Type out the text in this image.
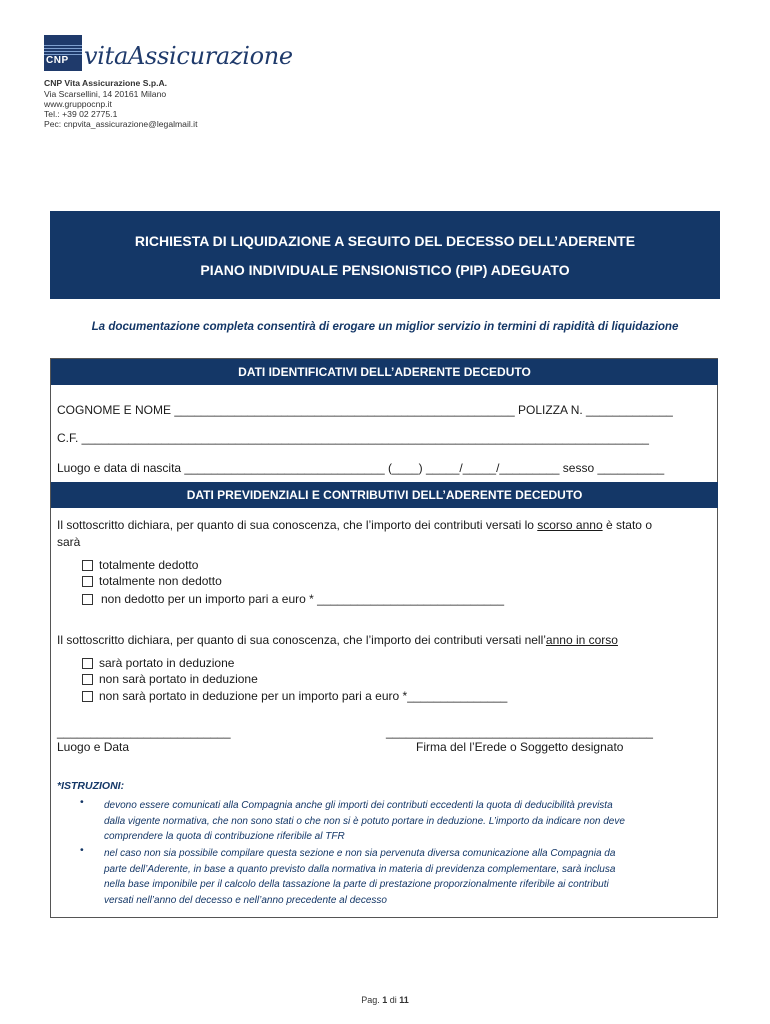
CNP vitaAssicurazione
CNP Vita Assicurazione S.p.A.
Via Scarsellini, 14 20161 Milano
www.gruppocnp.it
Tel.: +39 02 2775.1
Pec: cnpvita_assicurazione@legalmail.it
RICHIESTA DI LIQUIDAZIONE A SEGUITO DEL DECESSO DELL’ADERENTE
PIANO INDIVIDUALE PENSIONISTICO (PIP) ADEGUATO
La documentazione completa consentirà di erogare un miglior servizio in termini di rapidità di liquidazione
DATI IDENTIFICATIVI DELL’ADERENTE DECEDUTO
COGNOME E NOME ___________________________________________________ POLIZZA N. _____________
C.F. _____________________________________________________________________________________
Luogo e data di nascita ______________________________ (____) _____/_____/_________ sesso __________
DATI PREVIDENZIALI E CONTRIBUTIVI DELL’ADERENTE DECEDUTO
Il sottoscritto dichiara, per quanto di sua conoscenza, che l’importo dei contributi versati lo scorso anno è stato o
sarà
totalmente dedotto
totalmente non dedotto
non dedotto per un importo pari a euro * ____________________________
Il sottoscritto dichiara, per quanto di sua conoscenza, che l’importo dei contributi versati nell’anno in corso
sarà portato in deduzione
non sarà portato in deduzione
non sarà portato in deduzione per un importo pari a euro *_______________
__________________________	________________________________________
Luogo e Data	Firma del l’Erede o Soggetto designato
*ISTRUZIONI:
• devono essere comunicati alla Compagnia anche gli importi dei contributi eccedenti la quota di deducibilità prevista
dalla vigente normativa, che non sono stati o che non si è potuto portare in deduzione. L’importo da indicare non deve
comprendere la quota di contribuzione riferibile al TFR
• nel caso non sia possibile compilare questa sezione e non sia pervenuta diversa comunicazione alla Compagnia da
parte dell’Aderente, in base a quanto previsto dalla normativa in materia di previdenza complementare, sarà inclusa
nella base imponibile per il calcolo della tassazione la parte di prestazione proporzionalmente riferibile ai contributi
versati nell’anno del decesso e nell’anno precedente al decesso
Pag. 1 di 11
